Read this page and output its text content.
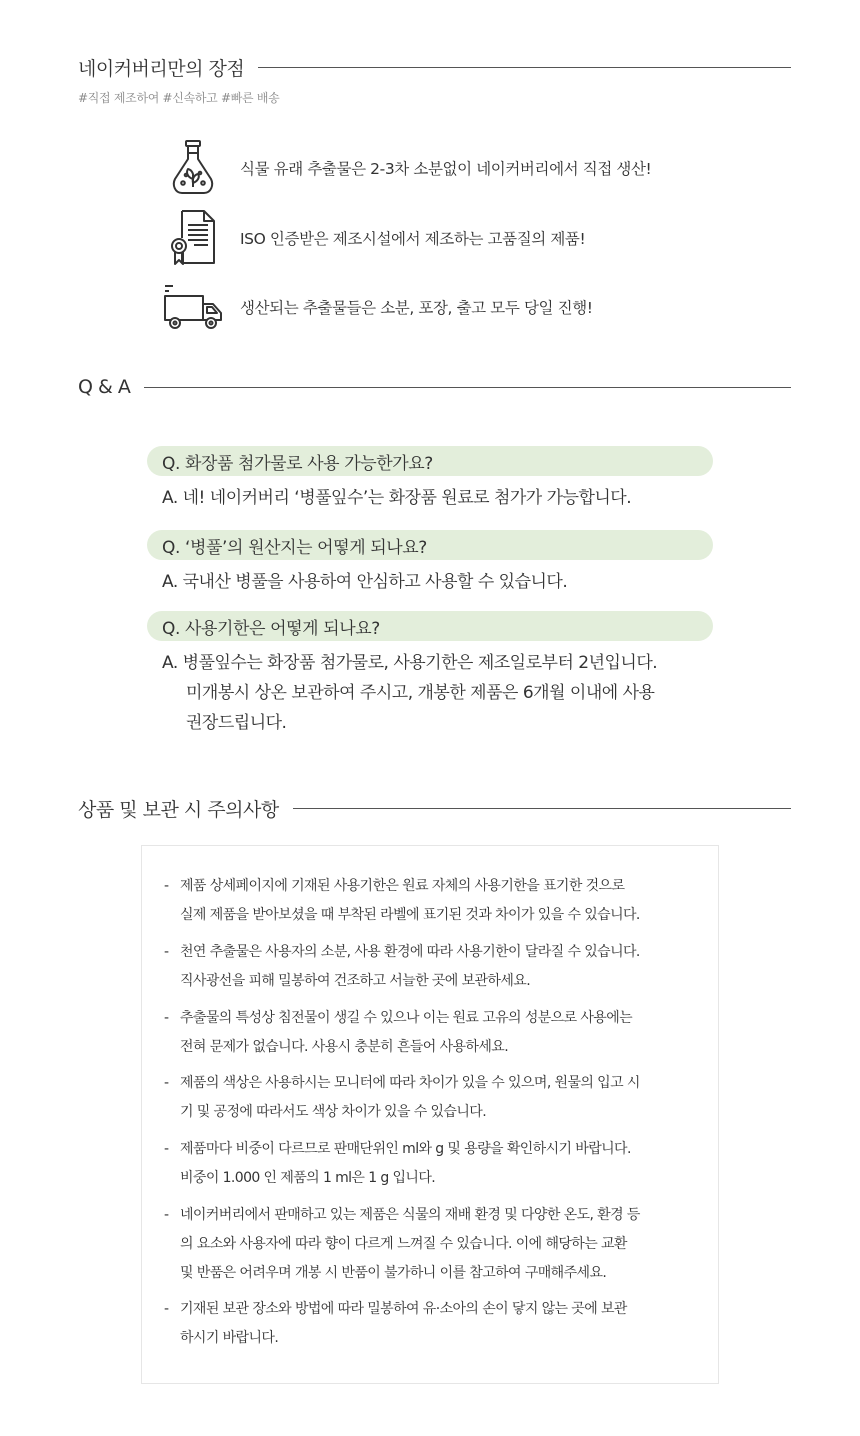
네이커버리만의 장점
#직접 제조하여 #신속하고 #빠른 배송
식물 유래 추출물은 2-3차 소분없이 네이커버리에서 직접 생산!
ISO 인증받은 제조시설에서 제조하는 고품질의 제품!
생산되는 추출물들은 소분, 포장, 출고 모두 당일 진행!
Q & A
Q. 화장품 첨가물로 사용 가능한가요?
A. 네! 네이커버리 ‘병풀잎수’는 화장품 원료로 첨가가 가능합니다.
Q. ‘병풀’의 원산지는 어떻게 되나요?
A. 국내산 병풀을 사용하여 안심하고 사용할 수 있습니다.
Q. 사용기한은 어떻게 되나요?
A. 병풀잎수는 화장품 첨가물로, 사용기한은 제조일로부터 2년입니다.
미개봉시 상온 보관하여 주시고, 개봉한 제품은 6개월 이내에 사용
권장드립니다.
상품 및 보관 시 주의사항
- 제품 상세페이지에 기재된 사용기한은 원료 자체의 사용기한을 표기한 것으로
실제 제품을 받아보셨을 때 부착된 라벨에 표기된 것과 차이가 있을 수 있습니다.
- 천연 추출물은 사용자의 소분, 사용 환경에 따라 사용기한이 달라질 수 있습니다.
직사광선을 피해 밀봉하여 건조하고 서늘한 곳에 보관하세요.
- 추출물의 특성상 침전물이 생길 수 있으나 이는 원료 고유의 성분으로 사용에는
전혀 문제가 없습니다. 사용시 충분히 흔들어 사용하세요.
- 제품의 색상은 사용하시는 모니터에 따라 차이가 있을 수 있으며, 원물의 입고 시
기 및 공정에 따라서도 색상 차이가 있을 수 있습니다.
- 제품마다 비중이 다르므로 판매단위인 ml와 g 및 용량을 확인하시기 바랍니다.
비중이 1.000 인 제품의 1 ml은 1 g 입니다.
- 네이커버리에서 판매하고 있는 제품은 식물의 재배 환경 및 다양한 온도, 환경 등
의 요소와 사용자에 따라 향이 다르게 느껴질 수 있습니다. 이에 해당하는 교환
및 반품은 어려우며 개봉 시 반품이 불가하니 이를 참고하여 구매해주세요.
- 기재된 보관 장소와 방법에 따라 밀봉하여 유·소아의 손이 닿지 않는 곳에 보관
하시기 바랍니다.
